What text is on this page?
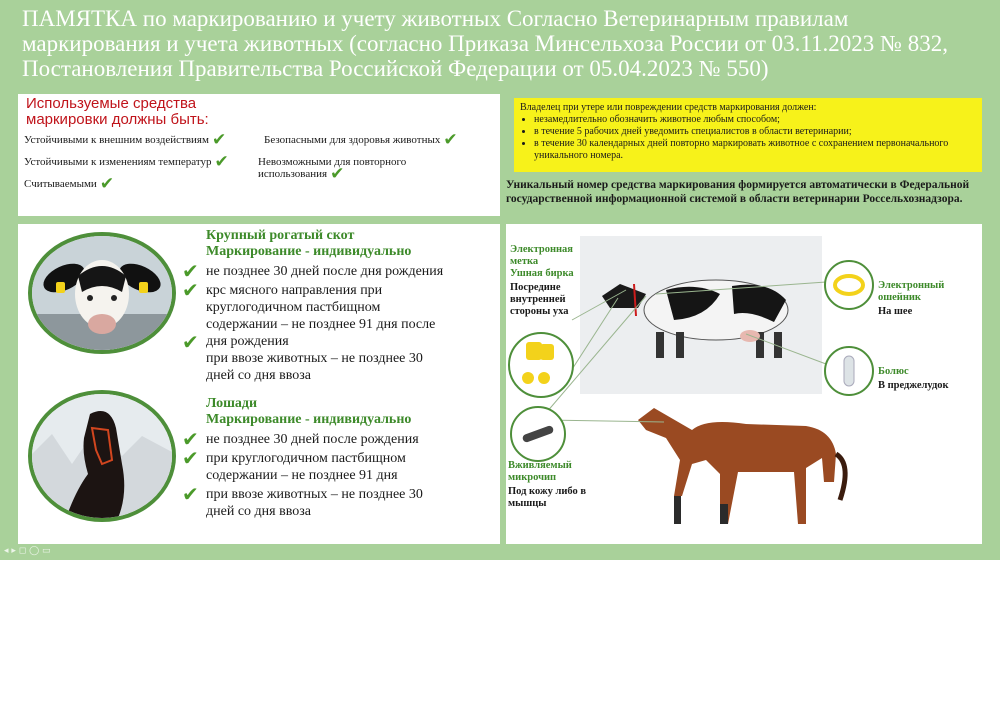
ПАМЯТКА по маркированию и учету животных Согласно Ветеринарным правилам маркирования и учета животных (согласно Приказа Минсельхоза России от 03.11.2023 № 832, Постановления Правительства Российской Федерации от 05.04.2023 № 550)
Используемые средства
маркировки должны быть:
Устойчивыми к внешним воздействиям ✔	Безопасными для здоровья животных ✔
Устойчивыми к изменениям температур ✔	Невозможными для повторного использования ✔
Считываемыми ✔
Владелец при утере или повреждении средств маркирования должен:
• незамедлительно обозначить животное любым способом;
• в течение 5 рабочих дней уведомить специалистов в области ветеринарии;
• в течение 30 календарных дней повторно маркировать животное с сохранением первоначального уникального номера.
Уникальный номер средства маркирования формируется автоматически в Федеральной государственной информационной системой в области ветеринарии Россельхознадзора.
Крупный рогатый скот
Маркирование - индивидуально
✔ не позднее 30 дней после дня рождения
✔ крс мясного направления при
круглогодичном пастбищном
содержании – не позднее 91 дня после
✔ дня рождения
при ввозе животных – не позднее 30
дней со дня ввоза
Лошади
Маркирование - индивидуально
✔ не позднее 30 дней после рождения
✔ при круглогодичном пастбищном
содержании – не позднее 91 дня
✔ при ввозе животных – не позднее 30
дней со дня ввоза
Электронная
метка
Ушная бирка
Посредине
внутренней
стороны уха
Вживляемый
микрочип
Под кожу либо в
мышцы
Электронный
ошейник
На шее
Болюс
В преджелудок
◂ ▸ ◻ ◯ ▭
